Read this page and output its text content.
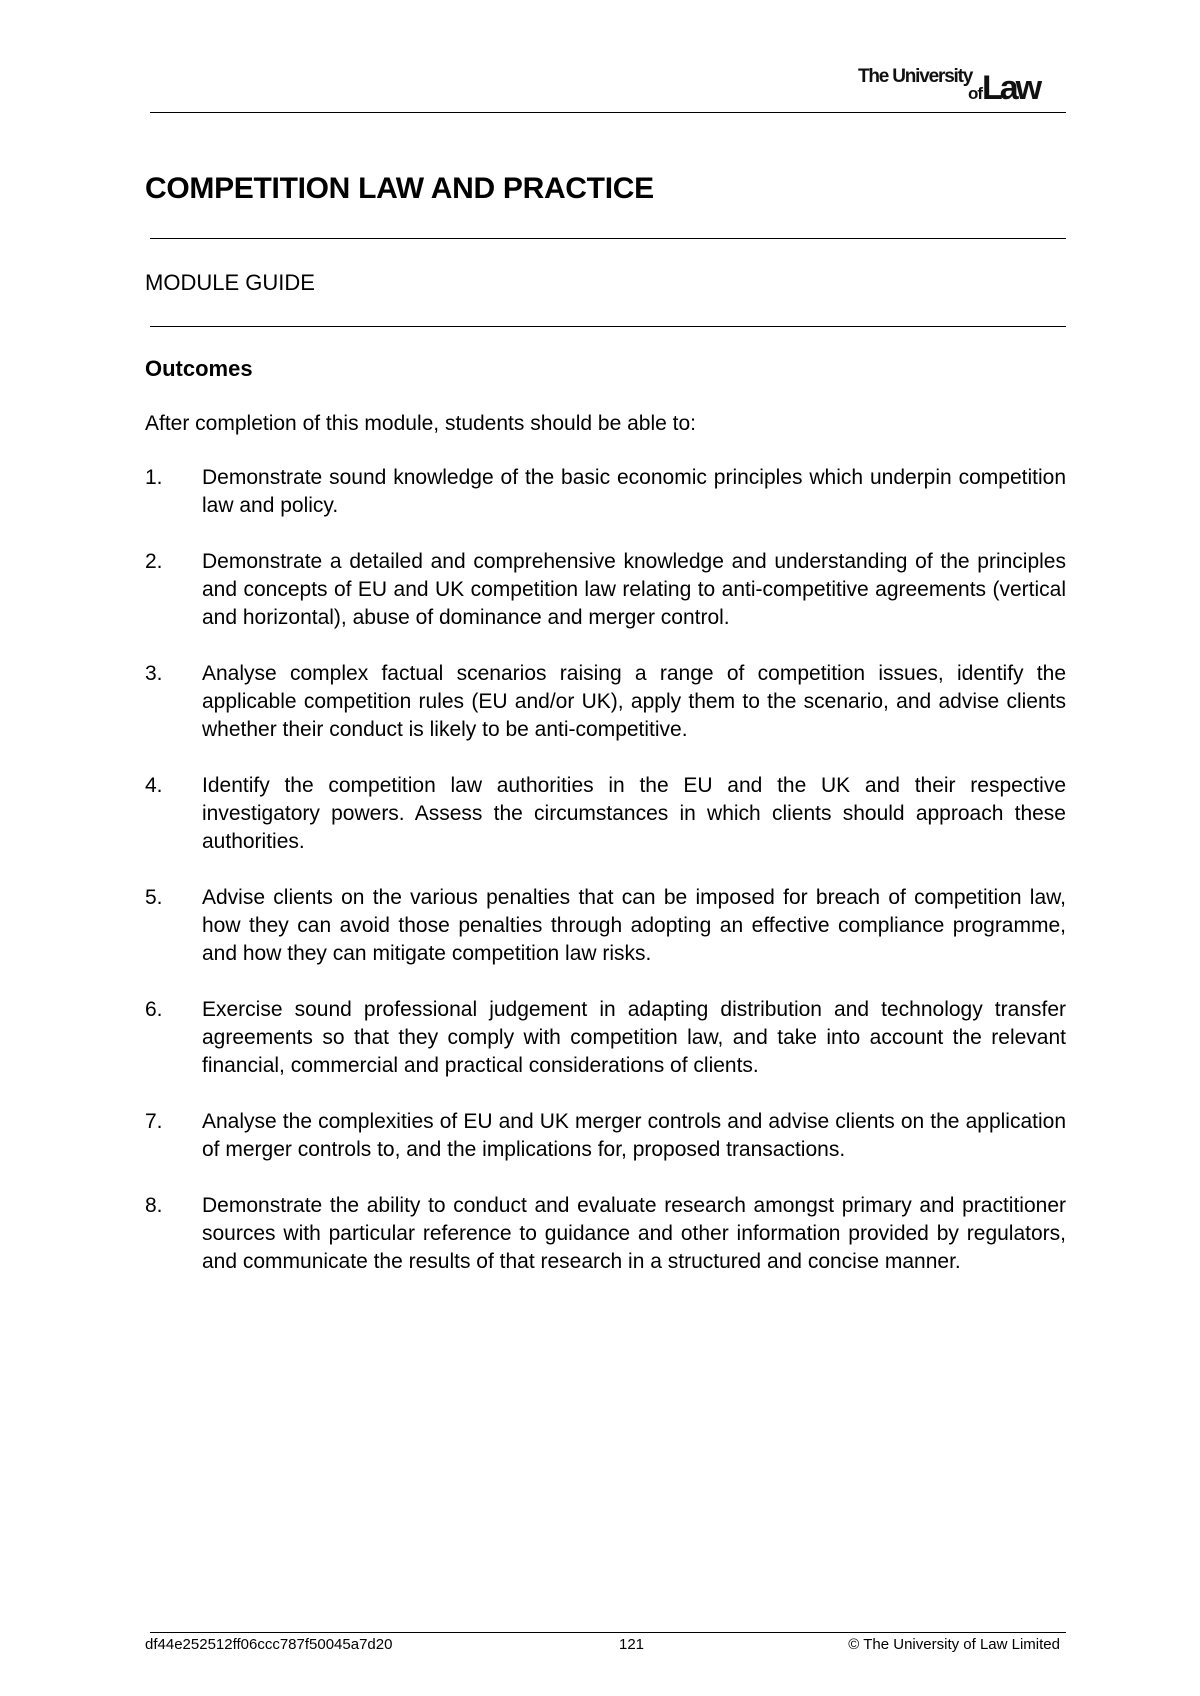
The University
of Law
COMPETITION LAW AND PRACTICE
MODULE GUIDE
Outcomes

After completion of this module, students should be able to:

1.	Demonstrate sound knowledge of the basic economic principles which underpin competition law and policy.
2.	Demonstrate a detailed and comprehensive knowledge and understanding of the principles and concepts of EU and UK competition law relating to anti-competitive agreements (vertical and horizontal), abuse of dominance and merger control.
3.	Analyse complex factual scenarios raising a range of competition issues, identify the applicable competition rules (EU and/or UK), apply them to the scenario, and advise clients whether their conduct is likely to be anti-competitive.
4.	Identify the competition law authorities in the EU and the UK and their respective investigatory powers. Assess the circumstances in which clients should approach these authorities.
5.	Advise clients on the various penalties that can be imposed for breach of competition law, how they can avoid those penalties through adopting an effective compliance programme, and how they can mitigate competition law risks.
6.	Exercise sound professional judgement in adapting distribution and technology transfer agreements so that they comply with competition law, and take into account the relevant financial, commercial and practical considerations of clients.
7.	Analyse the complexities of EU and UK merger controls and advise clients on the application of merger controls to, and the implications for, proposed transactions.
8.	Demonstrate the ability to conduct and evaluate research amongst primary and practitioner sources with particular reference to guidance and other information provided by regulators, and communicate the results of that research in a structured and concise manner.
df44e252512ff06ccc787f50045a7d20	121	© The University of Law Limited
